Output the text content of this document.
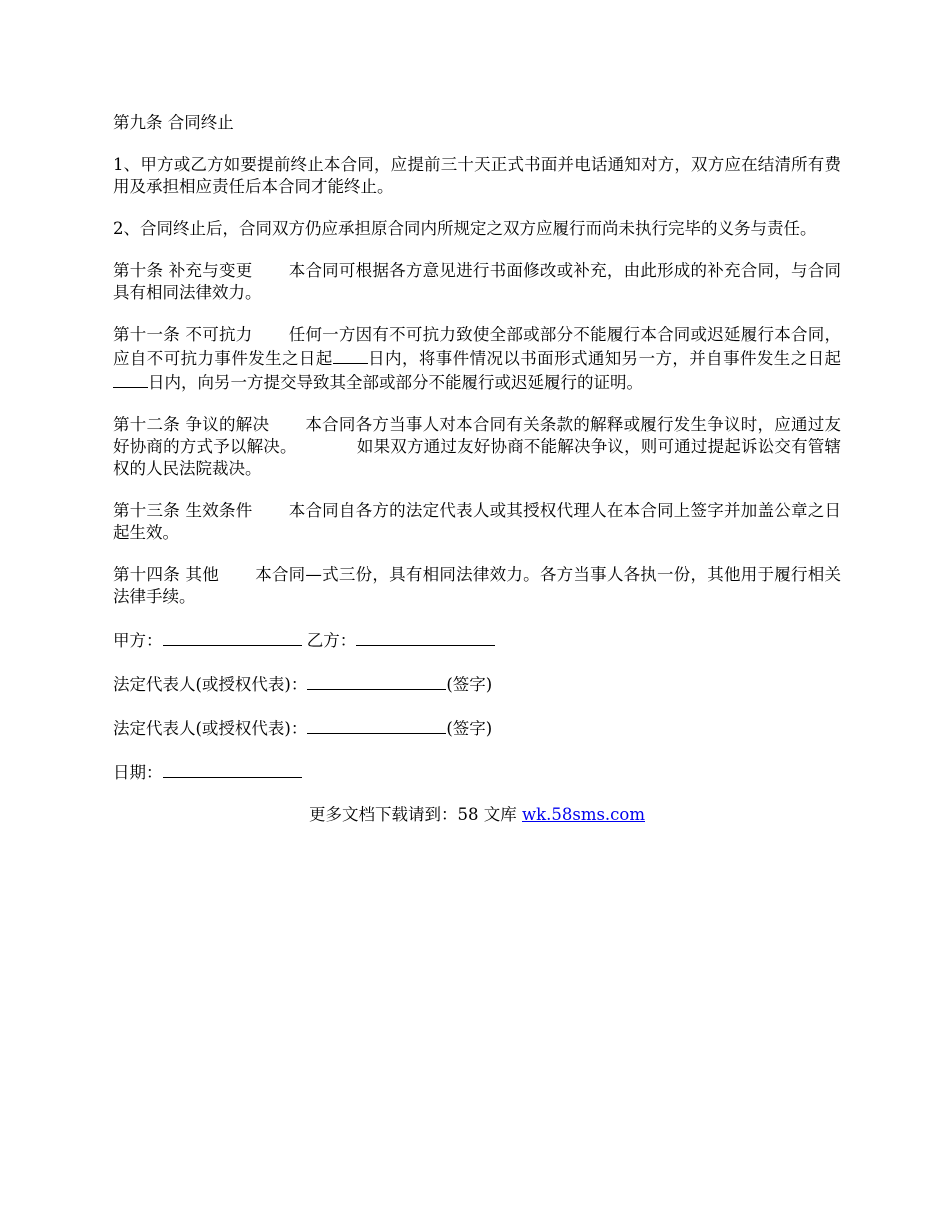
第九条 合同终止

1、甲方或乙方如要提前终止本合同，应提前三十天正式书面并电话通知对方，双方应在结清所有费用及承担相应责任后本合同才能终止。

2、合同终止后，合同双方仍应承担原合同内所规定之双方应履行而尚未执行完毕的义务与责任。

第十条 补充与变更 本合同可根据各方意见进行书面修改或补充，由此形成的补充合同，与合同具有相同法律效力。

第十一条 不可抗力 任何一方因有不可抗力致使全部或部分不能履行本合同或迟延履行本合同，应自不可抗力事件发生之日起 日内，将事件情况以书面形式通知另一方，并自事件发生之日起日内，向另一方提交导致其全部或部分不能履行或迟延履行的证明。

第十二条 争议的解决 本合同各方当事人对本合同有关条款的解释或履行发生争议时，应通过友好协商的方式予以解决。	如果双方通过友好协商不能解决争议，则可通过提起诉讼交有管辖权的人民法院裁决。

第十三条 生效条件 本合同自各方的法定代表人或其授权代理人在本合同上签字并加盖公章之日起生效。

第十四条 其他 本合同—式三份，具有相同法律效力。各方当事人各执一份，其他用于履行相关法律手续。

甲方：	乙方：

法定代表人(或授权代表)：	(签字)

法定代表人(或授权代表)：	(签字)

日期：

更多文档下载请到：58 文库 wk.58sms.com
